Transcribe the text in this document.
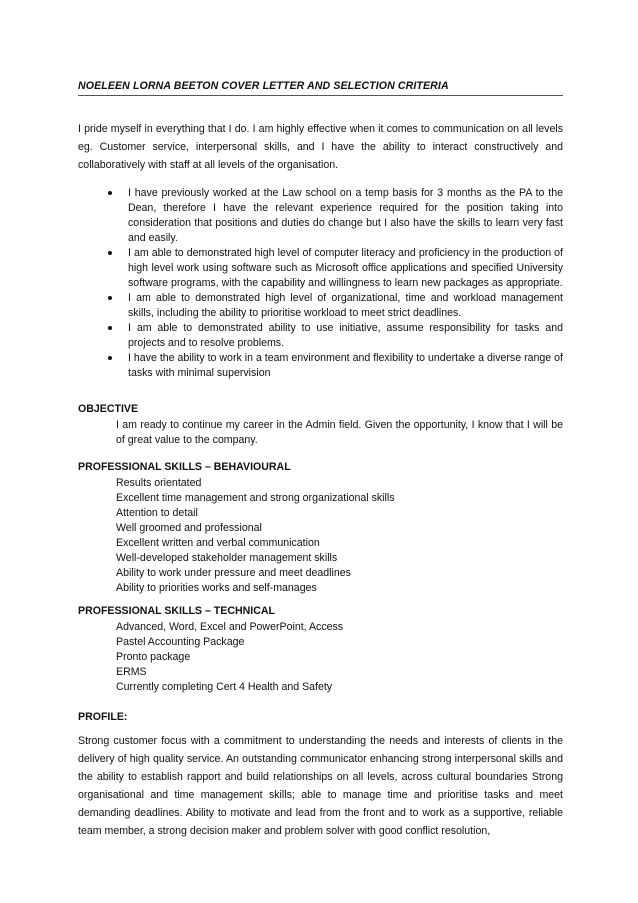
NOELEEN LORNA BEETON COVER LETTER AND SELECTION CRITERIA
I pride myself in everything that I do. I am highly effective when it comes to communication on all levels eg. Customer service, interpersonal skills, and I have the ability to interact constructively and collaboratively with staff at all levels of the organisation.
I have previously worked at the Law school on a temp basis for 3 months as the PA to the Dean, therefore I have the relevant experience required for the position taking into consideration that positions and duties do change but I also have the skills to learn very fast and easily.
I am able to demonstrated high level of computer literacy and proficiency in the production of high level work using software such as Microsoft office applications and specified University software programs, with the capability and willingness to learn new packages as appropriate.
I am able to demonstrated high level of organizational, time and workload management skills, including the ability to prioritise workload to meet strict deadlines.
I am able to demonstrated ability to use initiative, assume responsibility for tasks and projects and to resolve problems.
I have the ability to work in a team environment and flexibility to undertake a diverse range of tasks with minimal supervision
OBJECTIVE
I am ready to continue my career in the Admin field. Given the opportunity, I know that I will be of great value to the company.
PROFESSIONAL SKILLS – BEHAVIOURAL
Results orientated
Excellent time management and strong organizational skills
Attention to detail
Well groomed and professional
Excellent written and verbal communication
Well-developed stakeholder management skills
Ability to work under pressure and meet deadlines
Ability to priorities works and self-manages
PROFESSIONAL SKILLS – TECHNICAL
Advanced, Word, Excel and PowerPoint, Access
Pastel Accounting Package
Pronto package
ERMS
Currently completing Cert 4 Health and Safety
PROFILE:
Strong customer focus with a commitment to understanding the needs and interests of clients in the delivery of high quality service. An outstanding communicator enhancing strong interpersonal skills and the ability to establish rapport and build relationships on all levels, across cultural boundaries Strong organisational and time management skills; able to manage time and prioritise tasks and meet demanding deadlines. Ability to motivate and lead from the front and to work as a supportive, reliable team member, a strong decision maker and problem solver with good conflict resolution,
